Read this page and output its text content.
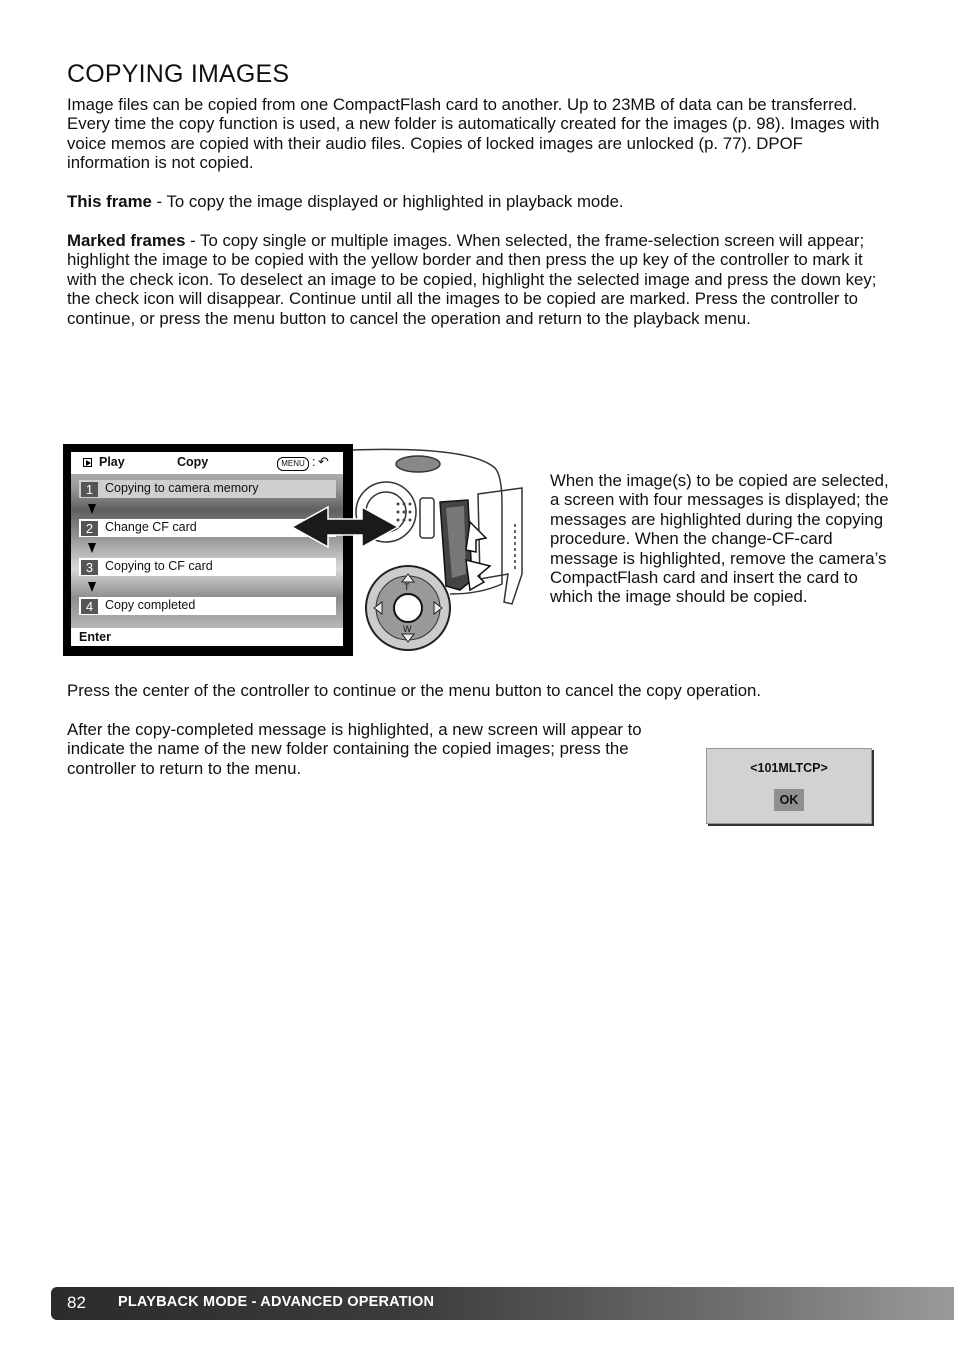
COPYING IMAGES

Image files can be copied from one CompactFlash card to another. Up to 23MB of data can be transferred. Every time the copy function is used, a new folder is automatically created for the images (p. 98). Images with voice memos are copied with their audio files. Copies of locked images are unlocked (p. 77). DPOF information is not copied.

This frame - To copy the image displayed or highlighted in playback mode.

Marked frames - To copy single or multiple images. When selected, the frame-selection screen will appear; highlight the image to be copied with the yellow border and then press the up key of the controller to mark it with the check icon. To deselect an image to be copied, highlight the selected image and press the down key; the check icon will disappear. Continue until all the images to be copied are marked. Press the controller to continue, or press the menu button to cancel the operation and return to the playback menu.

T
W
Play	Copy	MENU : ↶
1 Copying to camera memory
2 Change CF card
3 Copying to CF card
4 Copy completed
Enter

When the image(s) to be copied are selected, a screen with four messages is displayed; the messages are highlighted during the copying procedure. When the change-CF-card message is highlighted, remove the camera’s CompactFlash card and insert the card to which the image should be copied.

Press the center of the controller to continue or the menu button to cancel the copy operation.

After the copy-completed message is highlighted, a new screen will appear to indicate the name of the new folder containing the copied images; press the controller to return to the menu.	<101MLTCP>
OK
82 PLAYBACK MODE - ADVANCED OPERATION
